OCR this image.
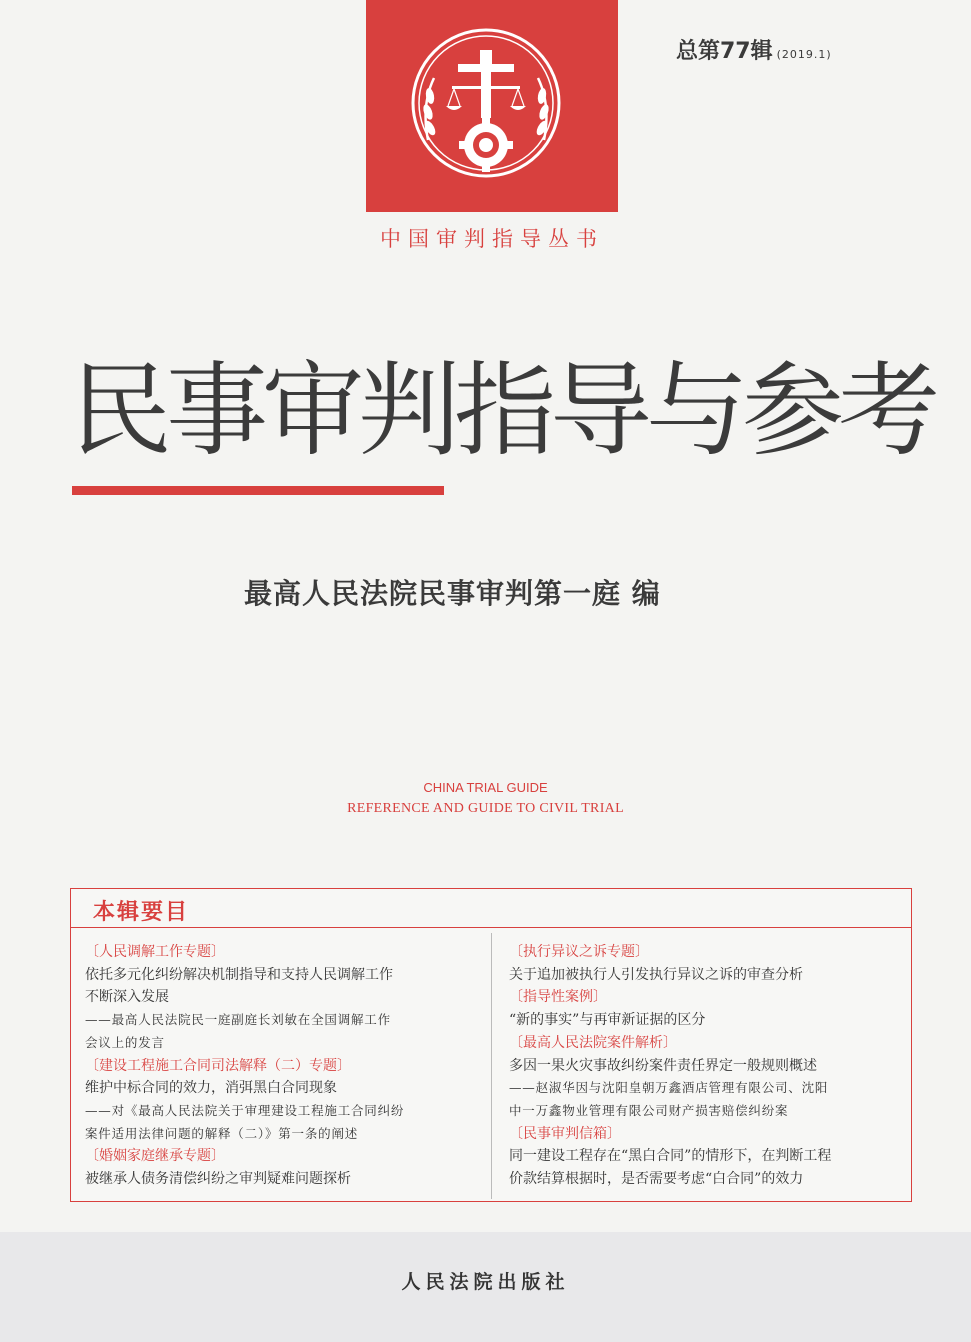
总第77辑 (2019.1)
中国审判指导丛书
民事审判指导与参考
最高人民法院民事审判第一庭 编
CHINA TRIAL GUIDE
REFERENCE AND GUIDE TO CIVIL TRIAL
本辑要目
〔人民调解工作专题〕
依托多元化纠纷解决机制指导和支持人民调解工作
不断深入发展
——最高人民法院民一庭副庭长刘敏在全国调解工作
会议上的发言
〔建设工程施工合同司法解释（二）专题〕
维护中标合同的效力，消弭黑白合同现象
——对《最高人民法院关于审理建设工程施工合同纠纷
案件适用法律问题的解释（二）》第一条的阐述
〔婚姻家庭继承专题〕
被继承人债务清偿纠纷之审判疑难问题探析
〔执行异议之诉专题〕
关于追加被执行人引发执行异议之诉的审查分析
〔指导性案例〕
“新的事实”与再审新证据的区分
〔最高人民法院案件解析〕
多因一果火灾事故纠纷案件责任界定一般规则概述
——赵淑华因与沈阳皇朝万鑫酒店管理有限公司、沈阳
中一万鑫物业管理有限公司财产损害赔偿纠纷案
〔民事审判信箱〕
同一建设工程存在“黑白合同”的情形下，在判断工程
价款结算根据时，是否需要考虑“白合同”的效力
人民法院出版社
